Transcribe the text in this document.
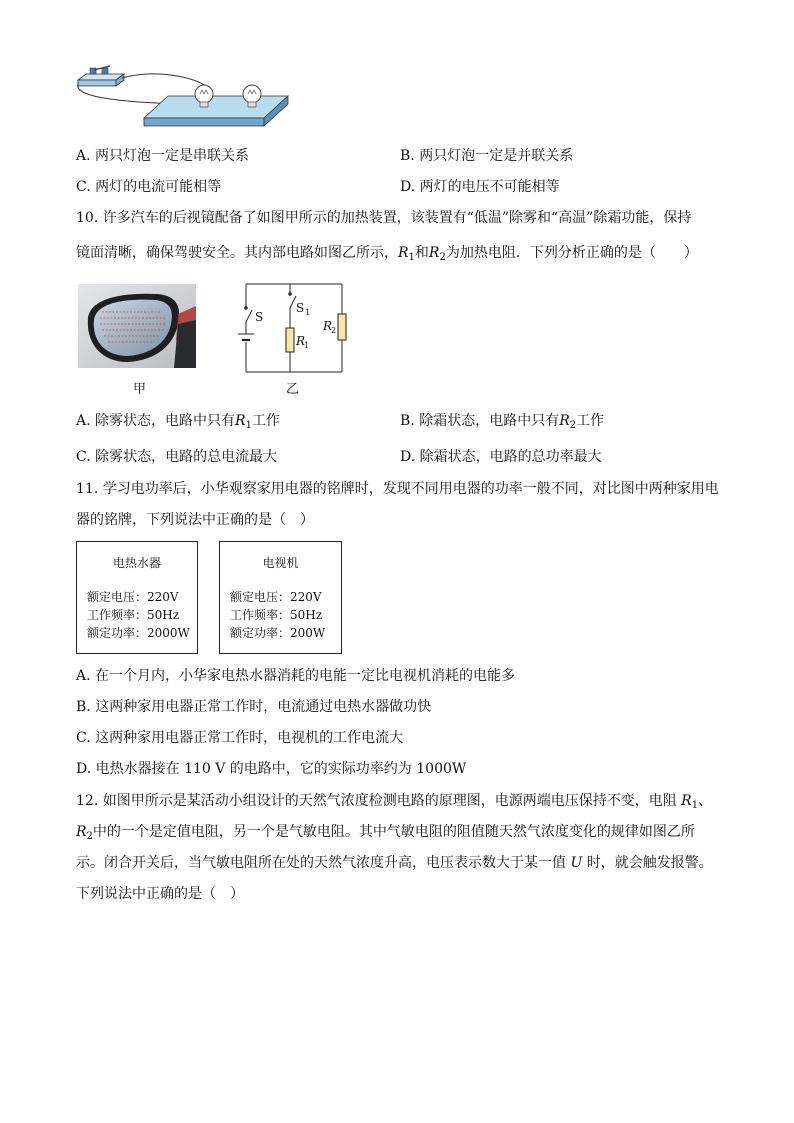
A. 两只灯泡一定是串联关系	B. 两只灯泡一定是并联关系
C. 两灯的电流可能相等	D. 两灯的电压不可能相等
10. 许多汽车的后视镜配备了如图甲所示的加热装置，该装置有“低温”除雾和“高温”除霜功能，保持
镜面清晰，确保驾驶安全。其内部电路如图乙所示，$R_1$和$R_2$为加热电阻．下列分析正确的是（　　）
甲
S
S 1
R
1
R
2
乙
A. 除雾状态，电路中只有$R_1$工作	B. 除霜状态，电路中只有$R_2$工作
C. 除雾状态，电路的总电流最大	D. 除霜状态，电路的总功率最大
11. 学习电功率后，小华观察家用电器的铭牌时，发现不同用电器的功率一般不同，对比图中两种家用电
器的铭牌，下列说法中正确的是（　）
电热水器
额定电压：220V
工作频率：50Hz
额定功率：2000W
电视机
额定电压：220V
工作频率：50Hz
额定功率：200W
A. 在一个月内，小华家电热水器消耗的电能一定比电视机消耗的电能多
B. 这两种家用电器正常工作时，电流通过电热水器做功快
C. 这两种家用电器正常工作时，电视机的工作电流大
D. 电热水器接在 110 V 的电路中，它的实际功率约为 1000W
12. 如图甲所示是某活动小组设计的天然气浓度检测电路的原理图，电源两端电压保持不变，电阻 $R_1$、
$R_2$中的一个是定值电阻，另一个是气敏电阻。其中气敏电阻的阻值随天然气浓度变化的规律如图乙所
示。闭合开关后，当气敏电阻所在处的天然气浓度升高，电压表示数大于某一值 U 时，就会触发报警。
下列说法中正确的是（　）
